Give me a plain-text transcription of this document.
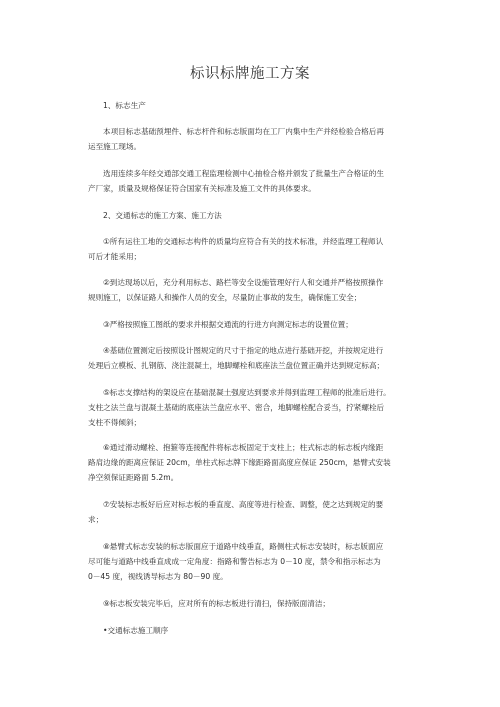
标识标牌施工方案
1、标志生产
本项目标志基础预埋件、标志杆件和标志版面均在工厂内集中生产并经检验合格后再
运至施工现场。
选用连续多年经交通部交通工程监理检测中心抽检合格并颁发了批量生产合格证的生
产厂家，质量及规格保证符合国家有关标准及施工文件的具体要求。
2、交通标志的施工方案、施工方法
①所有运往工地的交通标志构件的质量均应符合有关的技术标准，并经监理工程师认
可后才能采用；
②到达现场以后，充分利用标志、路栏等安全设施管理好行人和交通并严格按照操作
规则施工，以保证路人和操作人员的安全，尽量防止事故的发生，确保施工安全；
③严格按照施工图纸的要求并根据交通流的行进方向测定标志的设置位置；
④基础位置测定后按照设计图规定的尺寸于指定的地点进行基础开挖，并按规定进行
处理后立模板、扎钢筋、浇注混凝土，地脚螺栓和底座法兰盘位置正确并达到规定标高；
⑤标志支撑结构的架设应在基础混凝土强度达到要求并得到监理工程师的批准后进行。
支柱之法兰盘与混凝土基础的底座法兰盘应水平、密合，地脚螺栓配合妥当，拧紧螺栓后
支柱不得倾斜；
⑥通过滑动螺栓、抱箍等连接配件将标志板固定于支柱上；柱式标志的标志板内缘距
路肩边缘的距离应保证 20cm，单柱式标志牌下缘距路面高度应保证 250cm，悬臂式安装
净空须保证距路面 5.2m。
⑦安装标志板好后应对标志板的垂直度、高度等进行检查、调整，使之达到规定的要
求；
⑧悬臂式标志安装的标志版面应于道路中线垂直，路侧柱式标志安装时，标志版面应
尽可能与道路中线垂直成成一定角度：指路和警告标志为 0－10 度，禁令和指示标志为
0－45 度，视线诱导标志为 80－90 度。
⑨标志板安装完毕后，应对所有的标志板进行清扫，保持版面清洁；
•交通标志施工顺序
